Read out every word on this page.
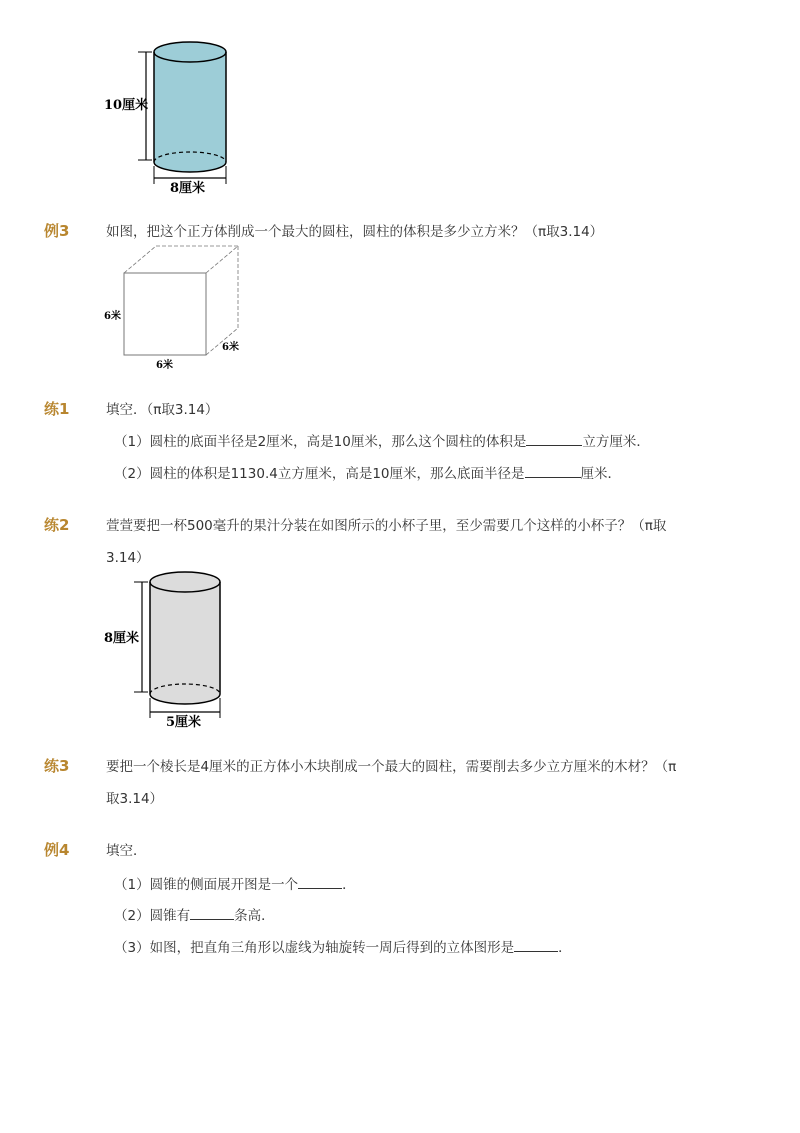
10厘米
8厘米
例3	如图，把这个正方体削成一个最大的圆柱，圆柱的体积是多少立方米？（π取3.14）
6米
6米
6米
练1	填空．（π取3.14）
（1）圆柱的底面半径是2厘米，高是10厘米，那么这个圆柱的体积是	立方厘米．
（2）圆柱的体积是1130.4立方厘米，高是10厘米，那么底面半径是	厘米．
练2	萱萱要把一杯500毫升的果汁分装在如图所示的小杯子里，至少需要几个这样的小杯子？（π取
3.14）
8厘米
5厘米
练3	要把一个棱长是4厘米的正方体小木块削成一个最大的圆柱，需要削去多少立方厘米的木材？（π
取3.14）
例4	填空．
（1）圆锥的侧面展开图是一个	．
（2）圆锥有	条高．
（3）如图，把直角三角形以虚线为轴旋转一周后得到的立体图形是	．
